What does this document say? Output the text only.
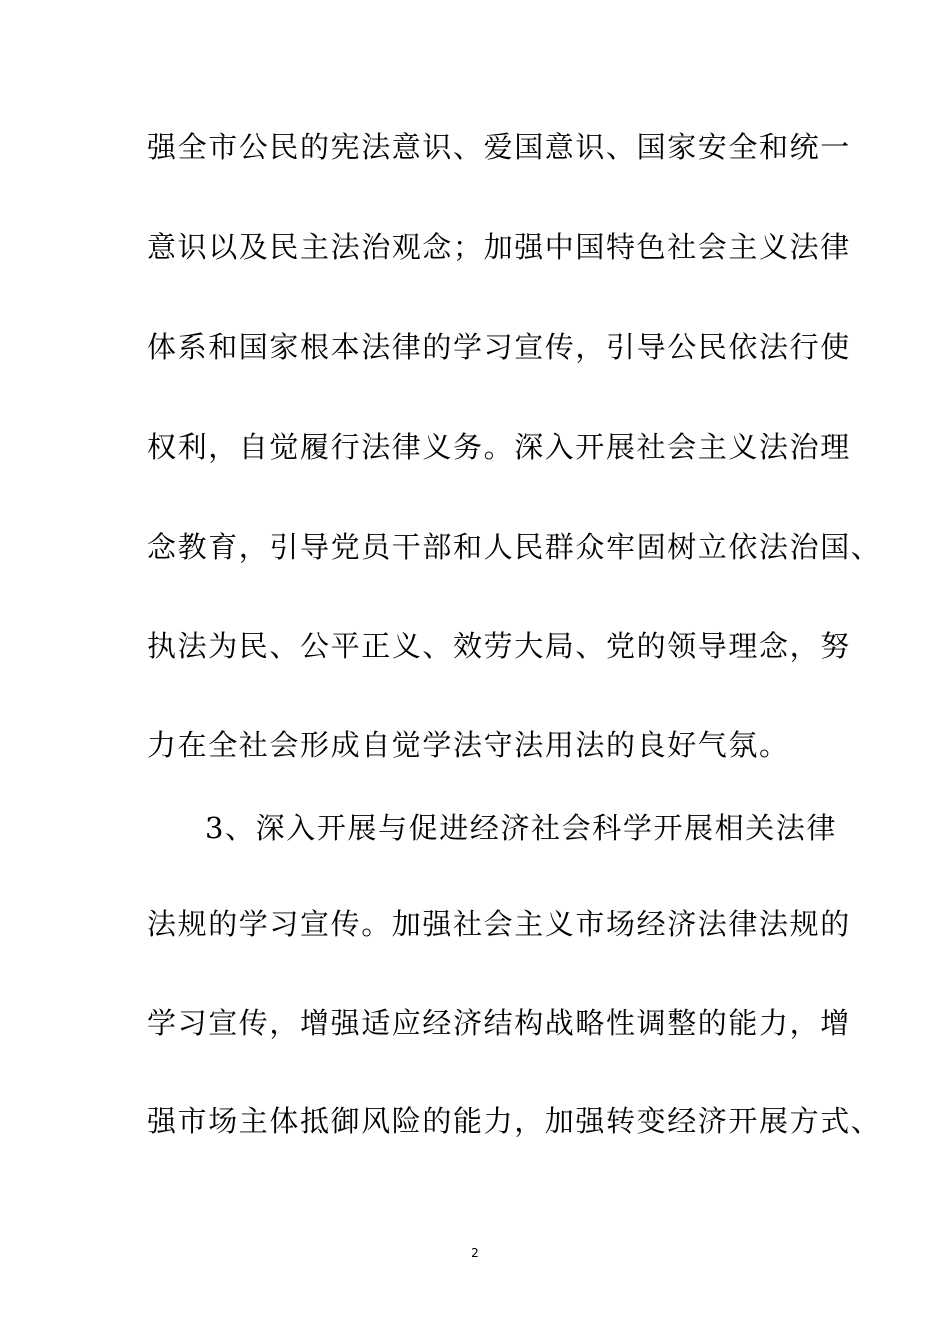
强全市公民的宪法意识、爱国意识、国家安全和统一
意识以及民主法治观念；加强中国特色社会主义法律
体系和国家根本法律的学习宣传，引导公民依法行使
权利，自觉履行法律义务。深入开展社会主义法治理
念教育，引导党员干部和人民群众牢固树立依法治国、
执法为民、公平正义、效劳大局、党的领导理念，努
力在全社会形成自觉学法守法用法的良好气氛。
3、深入开展与促进经济社会科学开展相关法律
法规的学习宣传。加强社会主义市场经济法律法规的
学习宣传，增强适应经济结构战略性调整的能力，增
强市场主体抵御风险的能力，加强转变经济开展方式、
2
